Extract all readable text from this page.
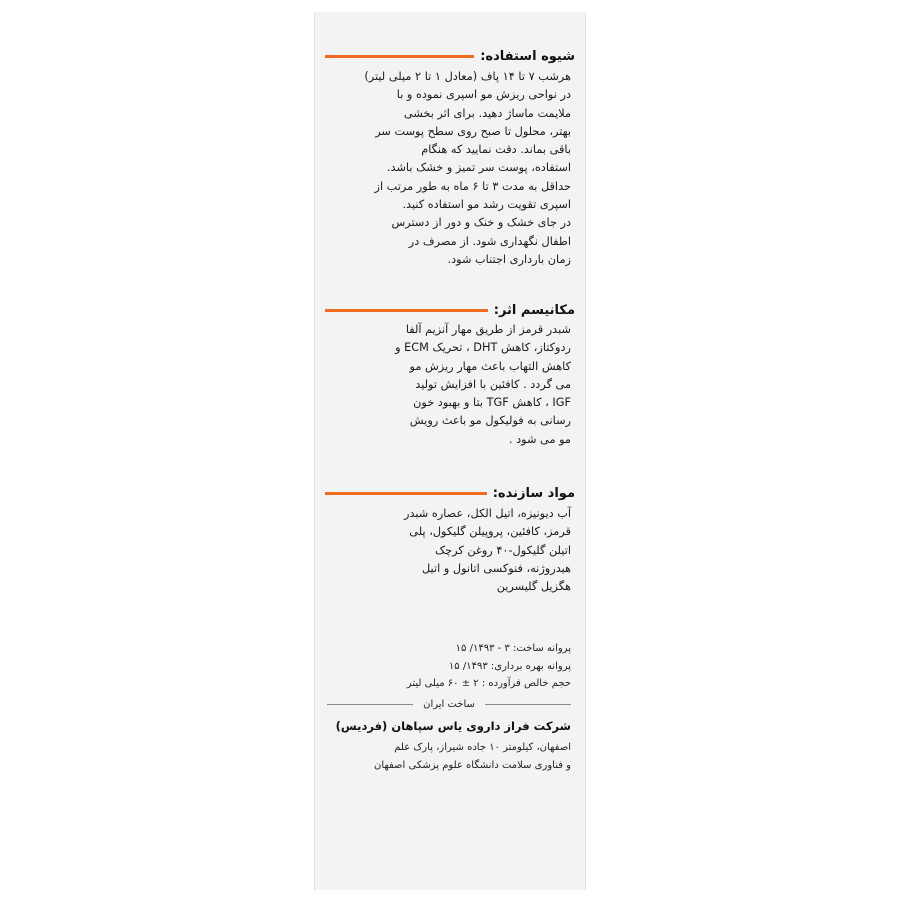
شیوه استفاده:
هرشب ۷ تا ۱۴ پاف (معادل ۱ تا ۲ میلی لیتر)
در نواحی ریزش مو اسپری نموده و با
ملایمت ماساژ دهید. برای اثر بخشی
بهتر، محلول تا صبح روی سطح پوست سر
باقی بماند. دقت نمایید که هنگام
استفاده، پوست سر تمیز و خشک باشد.
حداقل به مدت ۳ تا ۶ ماه به طور مرتب از
اسپری تقویت رشد مو استفاده کنید.
در جای خشک و خنک و دور از دسترس
اطفال نگهداری شود. از مصرف در
زمان بارداری اجتناب شود.
مکانیسم اثر:
شبدر قرمز از طریق مهار آنزیم آلفا
ردوکتاز، کاهش DHT ، تحریک ECM و
کاهش التهاب باعث مهار ریزش مو
می گردد . کافئین با افزایش تولید
IGF ، کاهش TGF بتا و بهبود خون
رسانی به فولیکول مو باعث رویش
مو می شود .
مواد سازنده:
آب دیونیزه، اتیل الکل، عصاره شبدر
قرمز، کافئین، پروپیلن گلیکول، پلی
اتیلن گلیکول-۴۰ روغن کرچک
هیدروژنه، فنوکسی اتانول و اتیل
هگزیل گلیسرین
پروانه ساخت: ۳ - ۱۴۹۳/ ۱۵
پروانه بهره برداری: ۱۴۹۳/ ۱۵
حجم خالص فرآورده : ۲ ± ۶۰ میلی لیتر
ساخت ایران
شرکت فراز داروی یاس سپاهان (فردیس)
اصفهان، کیلومتر ۱۰ جاده شیراز، پارک علم
و فناوری سلامت دانشگاه علوم پزشکی اصفهان
